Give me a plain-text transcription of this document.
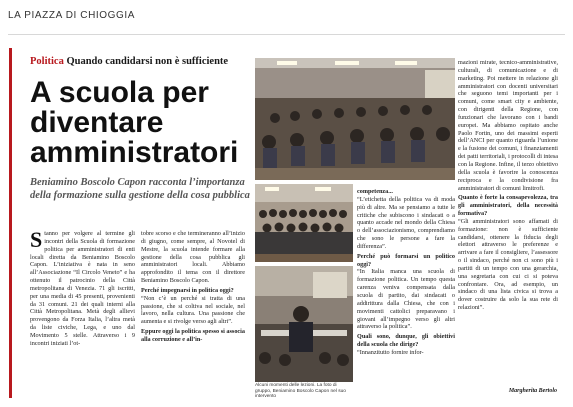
LA PIAZZA DI CHIOGGIA
Politica Quando candidarsi non è sufficiente
A scuola per
diventare
amministratori
Beniamino Boscolo Capon racconta l’importanza della formazione sulla gestione della cosa pubblica

S tanno per volgere al termine gli incontri della Scuola di formazione politica per amministratori di enti locali diretta da Beniamino Boscolo Capon. L’iniziativa è nata in seno all’Associazione “Il Circolo Veneto” e ha ottenuto il patrocinio della Città metropolitana di Venezia. 71 gli iscritti, per una media di 45 presenti, provenienti da 31 comuni. 21 dei quali interni alla Città Metropolitana. Metà degli allievi provengono da Forza Italia, l’altra metà da liste civiche, Lega, e uno dal Movimento 5 stelle. Attraverso i 9 incontri iniziati l’ot-

tobre scorso e che termineranno all’inizio di giugno, come sempre, al Novotel di Mestre, la scuola intende formare alla gestione della cosa pubblica gli amministratori locali. Abbiamo approfondito il tema con il direttore Beniamino Boscolo Capon.

Perché impegnarsi in politica oggi?

“Non c’è un perché si tratta di una passione, che si coltiva nel sociale, nel lavoro, nella cultura. Una passione che aumenta e si rivolge verso agli altri”.

Eppure oggi la politica spesso si associa alla corruzione e all’in-

competenza...

“L’etichetta della politica va di moda più di altre. Ma se pensiamo a tutte le critiche che subiscono i sindacati o a quanto accade nel mondo della Chiesa o dell’associazionismo, comprendiamo che sono le persone a fare la differenza”.

Perché può formarsi un politico oggi?

“In Italia manca una scuola di formazione politica. Un tempo questa carenza veniva compensata dalla scuola di partito, dai sindacati o addirittura dalla Chiesa, che con i movimenti cattolici preparavano i giovani all’impegno verso gli altri attraverso la politica”.

Quali sono, dunque, gli obiettivi della scuola che dirige?

“Innanzitutto fornire infor-

mazioni mirate, tecnico-amministrative, culturali, di comunicazione e di marketing. Poi mettere in relazione gli amministratori con docenti universitari che seguono temi importanti per i comuni, come smart city e ambiente, con dirigenti della Regione, con funzionari che lavorano con i bandi europei. Ma abbiamo ospitato anche Paolo Fortin, uno dei massimi esperti dell’ANCI per quanto riguarda l’unione e la fusione dei comuni, i finanziamenti dei patti territoriali, i protocolli di intesa con la Regione. Infine, il terzo obiettivo della scuola è favorire la conoscenza reciproca e la condivisione fra amministratori di comuni limitrofi.

Quanto è forte la consapevolezza, tra gli amministratori, della necessità formativa?

“Gli amministratori sono affamati di formazione: non è sufficiente candidarsi, ottenere la fiducia degli elettori attraverso le preferenze e arrivare a fare il consigliere, l’assessore o il sindaco, perché non ci sono più i partiti di un tempo con una gerarchia, una segretaria con cui ci si poteva confrontare. Ora, ad esempio, un sindaco di una lista civica si trova a dover costruire da solo la sua rete di relazioni”.

Margherita Bertolo
Alcuni momenti delle lezioni. La foto di gruppo, Beniamino Boscolo Capon nel suo intervento
